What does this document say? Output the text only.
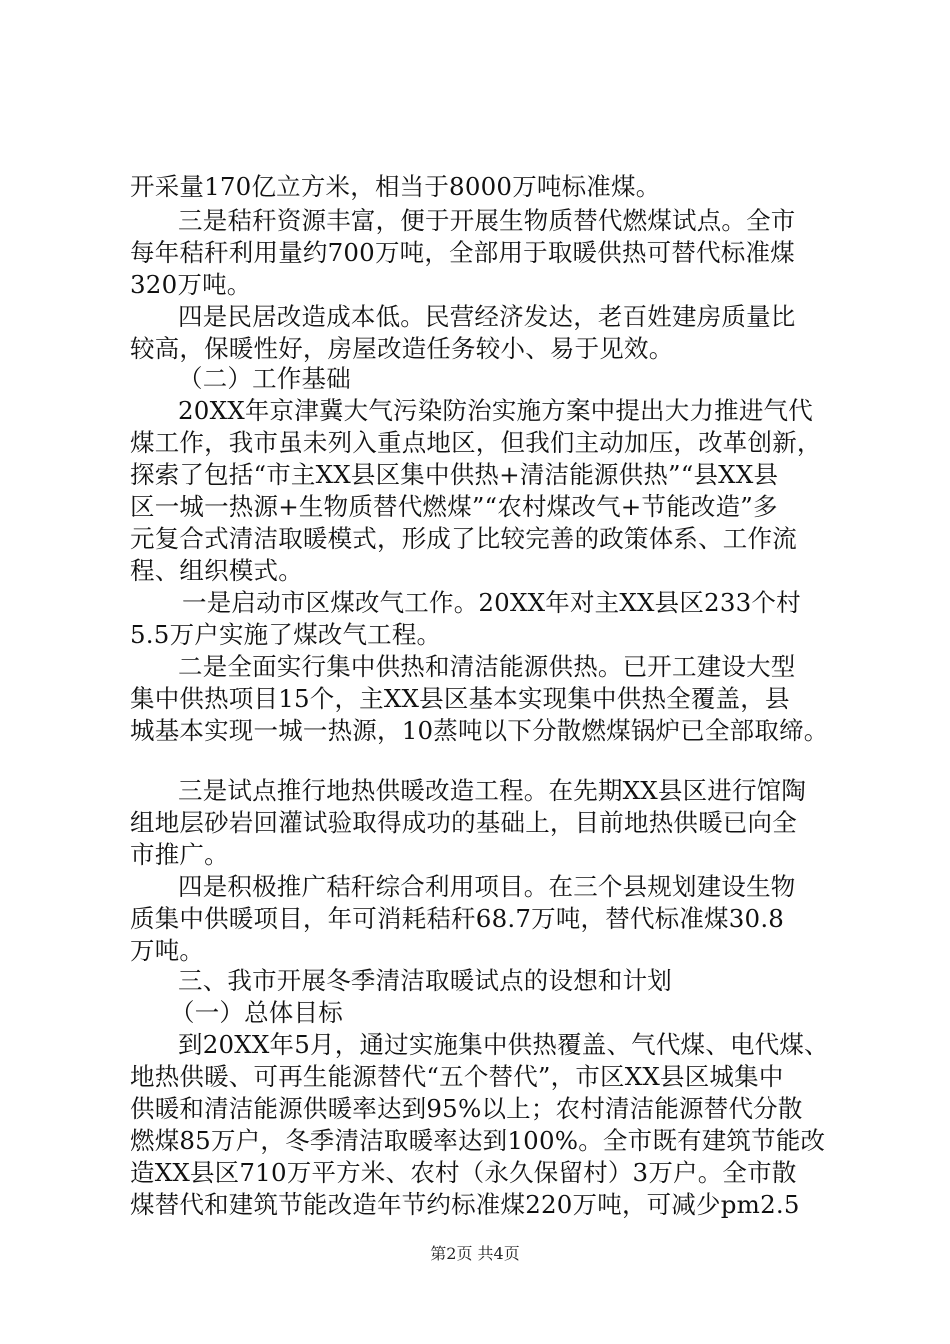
开采量170亿立方米，相当于8000万吨标准煤。
三是秸秆资源丰富，便于开展生物质替代燃煤试点。全市
每年秸秆利用量约700万吨，全部用于取暖供热可替代标准煤
320万吨。
四是民居改造成本低。民营经济发达，老百姓建房质量比
较高，保暖性好，房屋改造任务较小、易于见效。
（二）工作基础
20XX年京津冀大气污染防治实施方案中提出大力推进气代
煤工作，我市虽未列入重点地区，但我们主动加压，改革创新，
探索了包括“市主XX县区集中供热+清洁能源供热”“县XX县
区一城一热源+生物质替代燃煤”“农村煤改气+节能改造”多
元复合式清洁取暖模式，形成了比较完善的政策体系、工作流
程、组织模式。
一是启动市区煤改气工作。20XX年对主XX县区233个村
5.5万户实施了煤改气工程。
二是全面实行集中供热和清洁能源供热。已开工建设大型
集中供热项目15个，主XX县区基本实现集中供热全覆盖，县
城基本实现一城一热源，10蒸吨以下分散燃煤锅炉已全部取缔。
三是试点推行地热供暖改造工程。在先期XX县区进行馆陶
组地层砂岩回灌试验取得成功的基础上，目前地热供暖已向全
市推广。
四是积极推广秸秆综合利用项目。在三个县规划建设生物
质集中供暖项目，年可消耗秸秆68.7万吨，替代标准煤30.8
万吨。
三、我市开展冬季清洁取暖试点的设想和计划
（一）总体目标
到20XX年5月，通过实施集中供热覆盖、气代煤、电代煤、
地热供暖、可再生能源替代“五个替代”，市区XX县区城集中
供暖和清洁能源供暖率达到95%以上；农村清洁能源替代分散
燃煤85万户，冬季清洁取暖率达到100%。全市既有建筑节能改
造XX县区710万平方米、农村（永久保留村）3万户。全市散
煤替代和建筑节能改造年节约标准煤220万吨，可减少pm2.5
第2页 共4页
